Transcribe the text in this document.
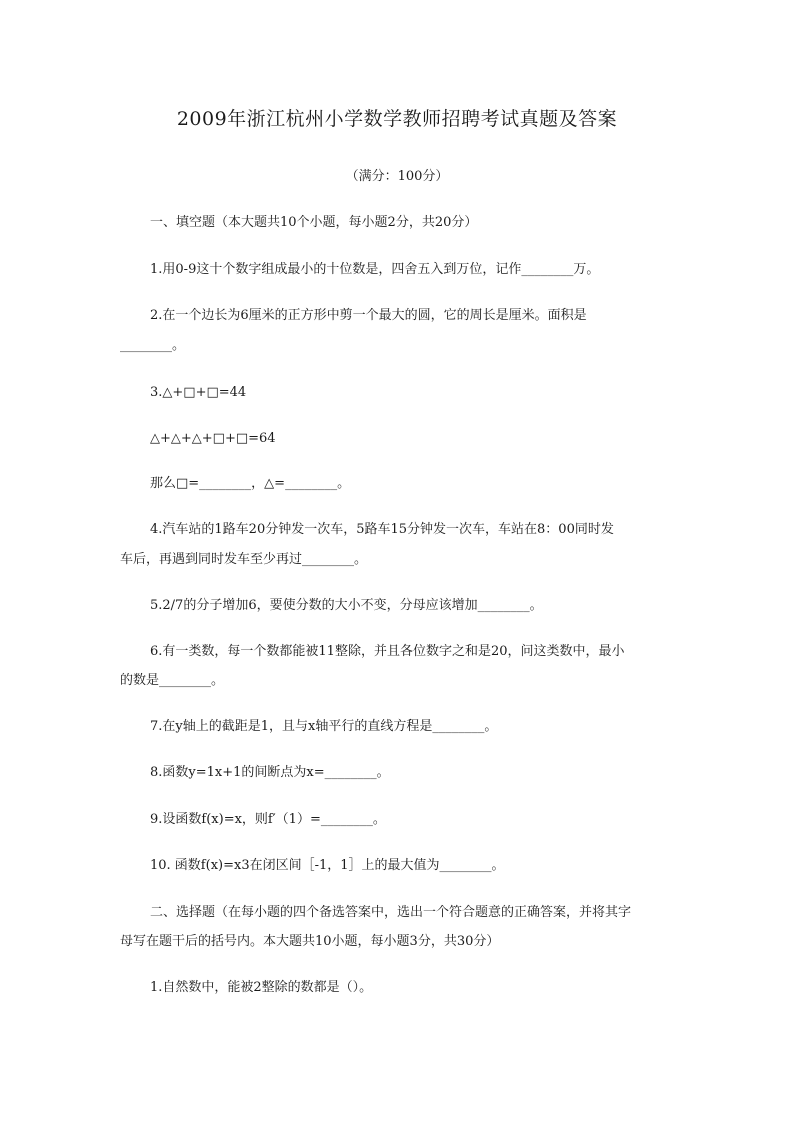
2009年浙江杭州小学数学教师招聘考试真题及答案
（满分：100分）
一、填空题（本大题共10个小题，每小题2分，共20分）
1.用0-9这十个数字组成最小的十位数是，四舍五入到万位，记作________万。
2.在一个边长为6厘米的正方形中剪一个最大的圆，它的周长是厘米。面积是
________。
3.△+□+□=44
△+△+△+□+□=64
那么□=________，△=________。
4.汽车站的1路车20分钟发一次车，5路车15分钟发一次车，车站在8：00同时发
车后，再遇到同时发车至少再过________。
5.2/7的分子增加6，要使分数的大小不变，分母应该增加________。
6.有一类数，每一个数都能被11整除，并且各位数字之和是20，问这类数中，最小
的数是________。
7.在y轴上的截距是1，且与x轴平行的直线方程是________。
8.函数y=1x+1的间断点为x=________。
9.设函数f(x)=x，则f′（1）=________。
10. 函数f(x)=x3在闭区间［-1，1］上的最大值为________。
二、选择题（在每小题的四个备选答案中，选出一个符合题意的正确答案，并将其字
母写在题干后的括号内。本大题共10小题，每小题3分，共30分）
1.自然数中，能被2整除的数都是（）。
